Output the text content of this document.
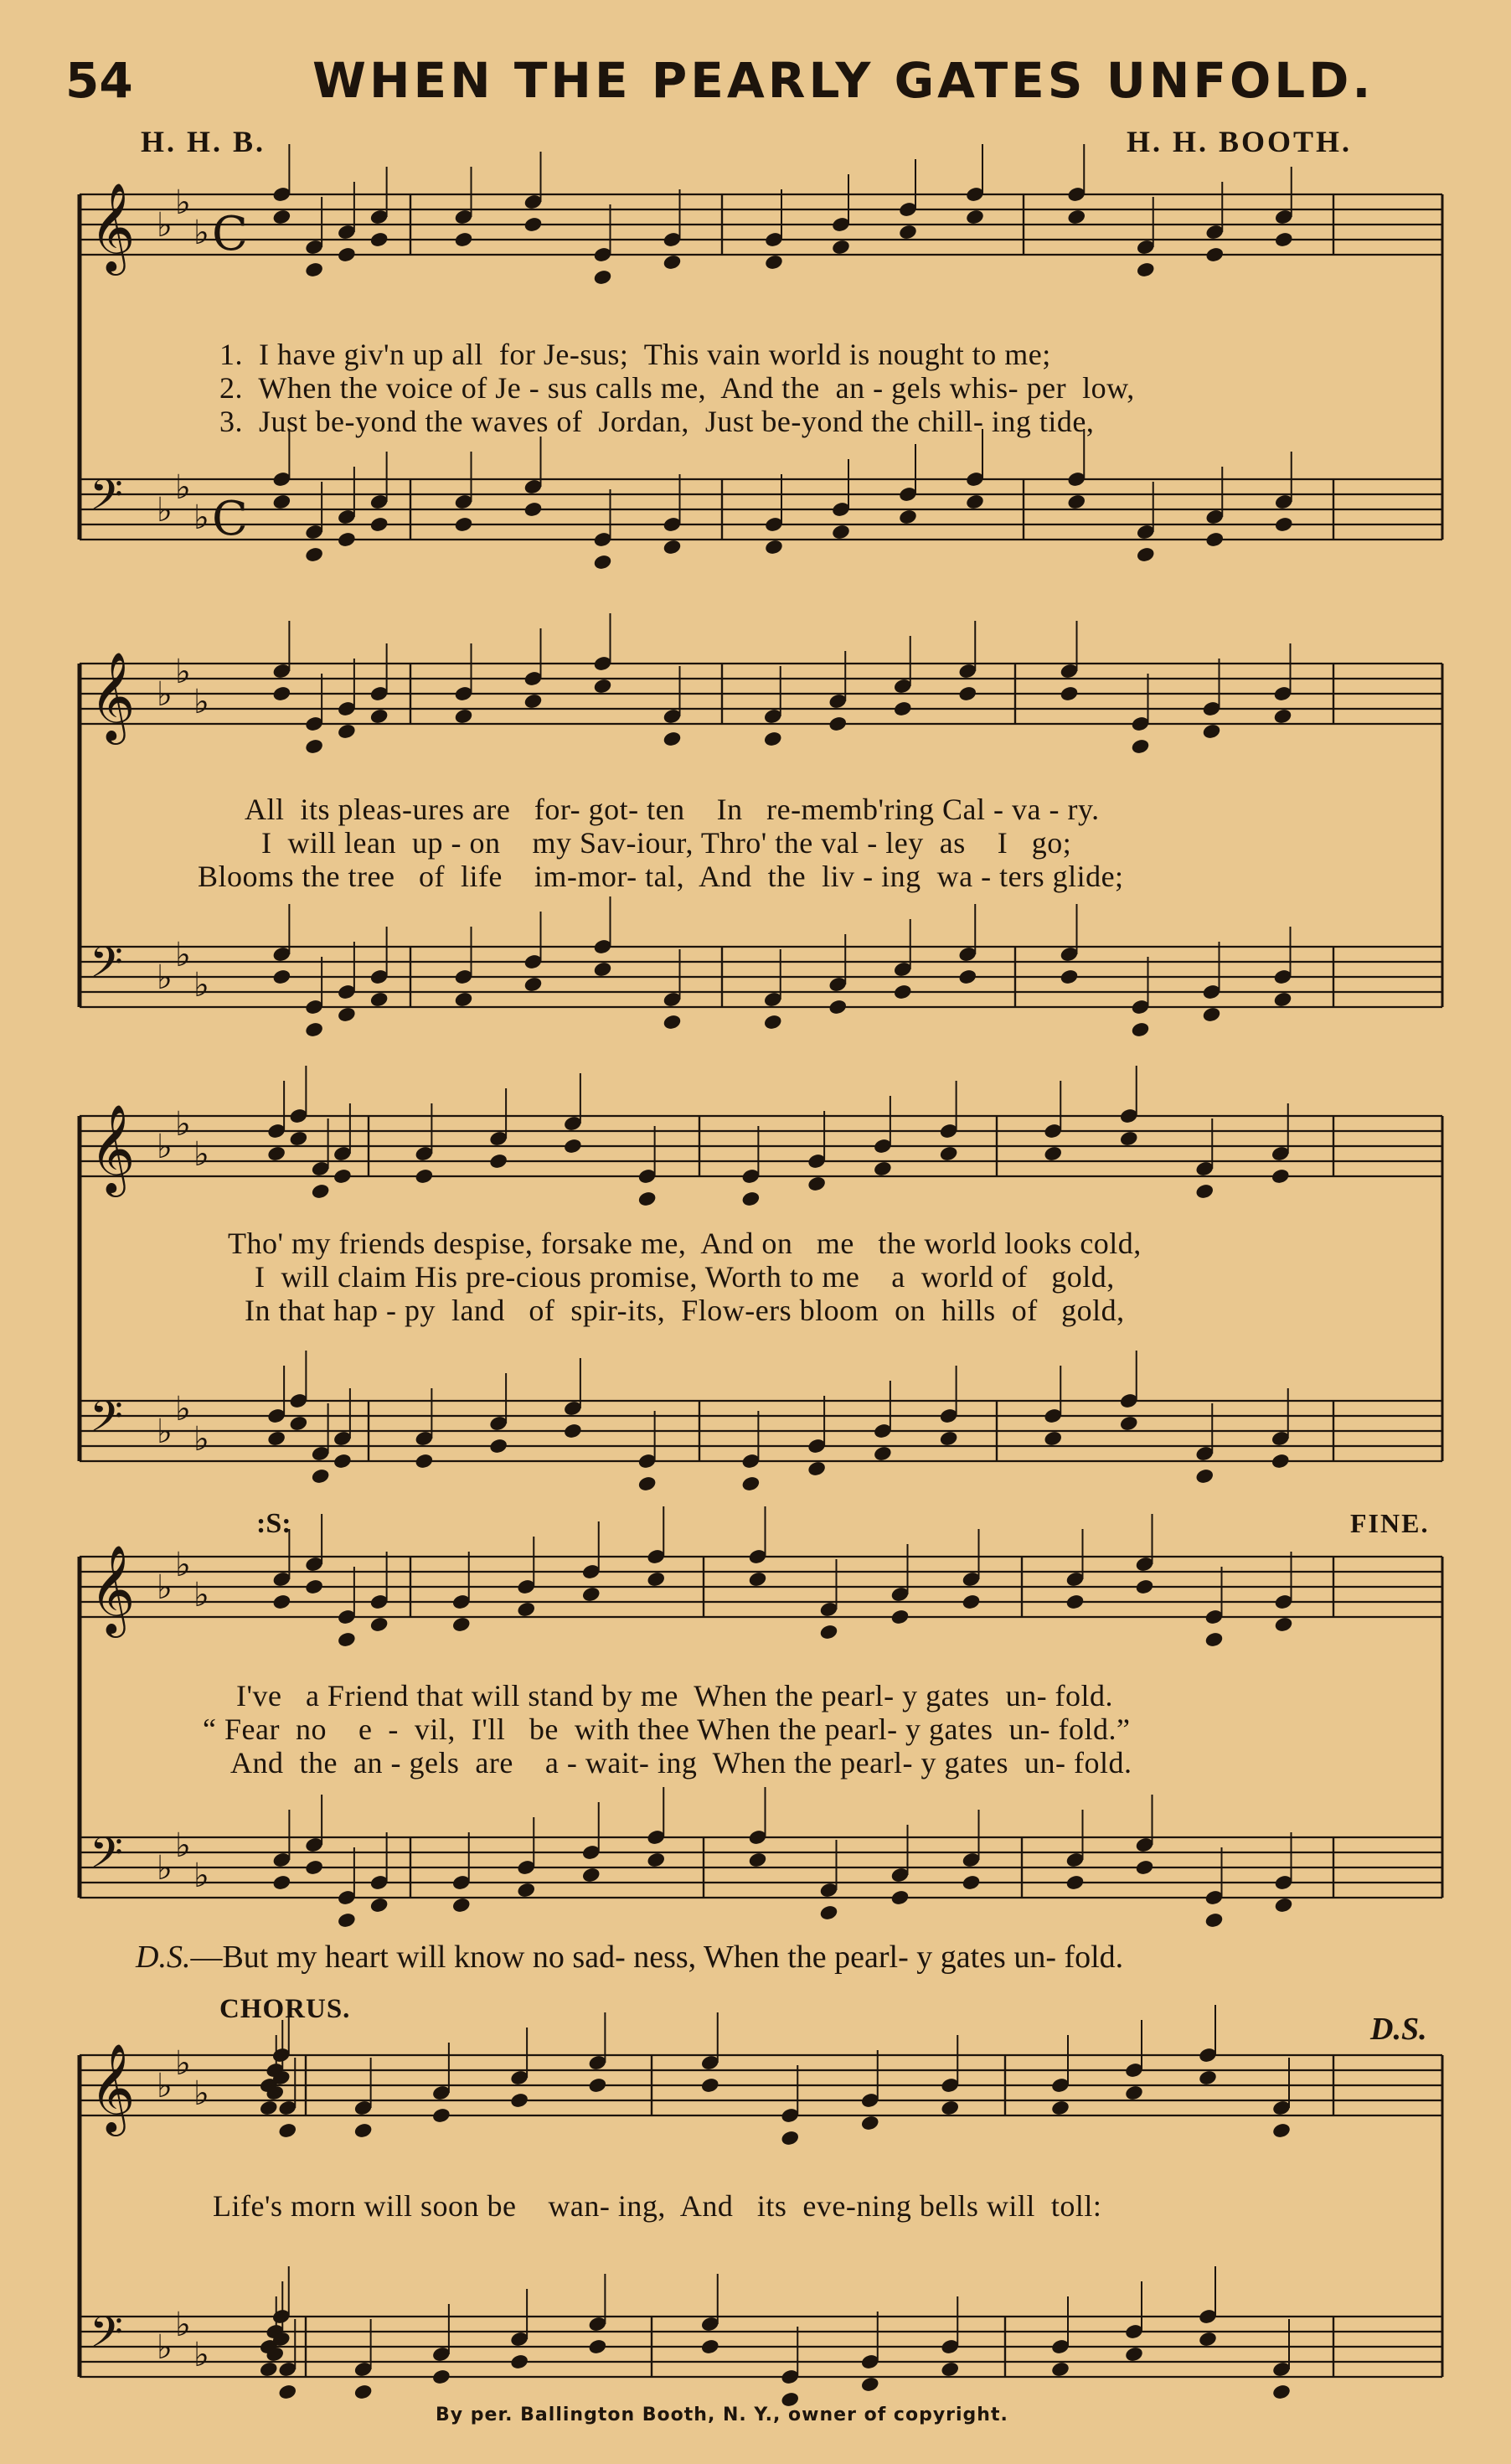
54	WHEN THE PEARLY GATES UNFOLD.
H. H. B.	H. H. BOOTH.
𝄞 ♭
♭
♭ C
𝄢 ♭
♭
♭ C
𝄞 ♭
♭
♭
𝄢 ♭
♭
♭
𝄞 ♭
♭
♭
𝄢 ♭
♭
♭
𝄞 ♭
♭
♭
𝄢 ♭
♭
♭
𝄞 ♭
♭
♭
𝄢 ♭
♭
♭
1.  I have giv'n up all  for Je-sus;  This vain world is nought to me;
2.  When the voice of Je - sus calls me,  And the  an - gels whis- per  low,
3.  Just be-yond the waves of  Jordan,  Just be-yond the chill- ing tide,
All  its pleas-ures are   for- got- ten    In   re-memb'ring Cal - va - ry.
I  will lean  up - on    my Sav-iour, Thro' the val - ley  as    I   go;
Blooms the tree   of  life    im-mor- tal,  And  the  liv - ing  wa - ters glide;
Tho' my friends despise, forsake me,  And on   me   the world looks cold,
I  will claim His pre-cious promise, Worth to me    a  world of   gold,
In that hap - py  land   of  spir-its,  Flow-ers bloom  on  hills  of   gold,
:S:	FINE.
I've   a Friend that will stand by me  When the pearl- y gates  un- fold.
“ Fear  no    e  -  vil,  I'll   be  with thee When the pearl- y gates  un- fold.”
And  the  an - gels  are    a - wait- ing  When the pearl- y gates  un- fold.
D.S.—But my heart will know no sad- ness, When the pearl- y gates un- fold.
CHORUS.
D.S.
Life's morn will soon be    wan- ing,  And   its  eve-ning bells will  toll:
By per. Ballington Booth, N. Y., owner of copyright.
